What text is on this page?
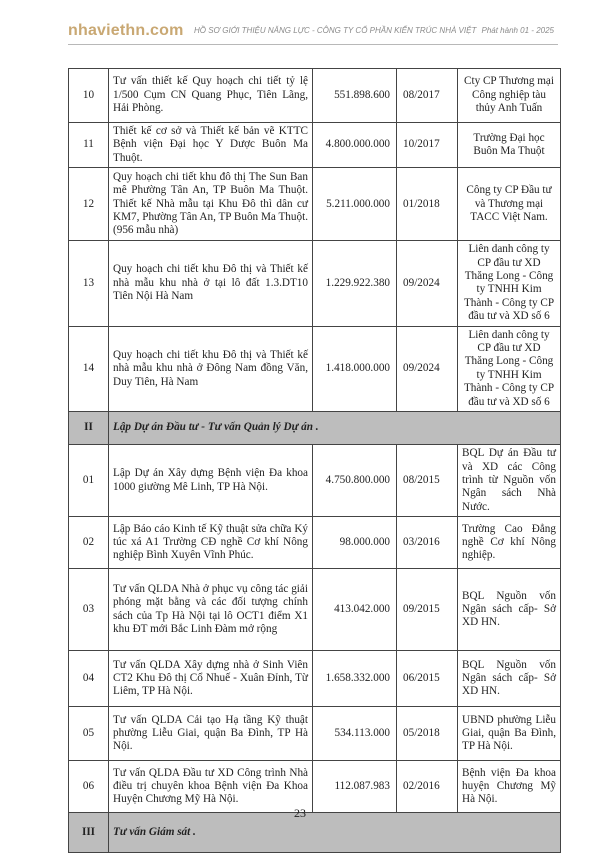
nhaviethn.com HỒ SƠ GIỚI THIỆU NĂNG LỰC - CÔNG TY CỔ PHẦN KIẾN TRÚC NHÀ VIỆT Phát hành 01 - 2025
10	Tư vấn thiết kế Quy hoạch chi tiết tỷ lệ 1/500 Cụm CN Quang Phục, Tiên Lãng, Hải Phòng.	551.898.600	08/2017	Cty CP Thương mại Công nghiệp tàu thủy Anh Tuấn
11	Thiết kế cơ sở và Thiết kế bản vẽ KTTC Bệnh viện Đại học Y Dược Buôn Ma Thuột.	4.800.000.000	10/2017	Trường Đại học Buôn Ma Thuột
12	Quy hoạch chi tiết khu đô thị The Sun Ban mê Phường Tân An, TP Buôn Ma Thuột. Thiết kế Nhà mẫu tại Khu Đô thì dân cư KM7, Phường Tân An, TP Buôn Ma Thuột. (956 mẫu nhà)	5.211.000.000	01/2018	Công ty CP Đầu tư và Thương mại TACC Việt Nam.
13	Quy hoạch chi tiết khu Đô thị và Thiết kế nhà mẫu khu nhà ở tại lô đất 1.3.DT10 Tiên Nội Hà Nam	1.229.922.380	09/2024	Liên danh công ty CP đầu tư XD Thăng Long - Công ty TNHH Kim Thành - Công ty CP đầu tư và XD số 6
14	Quy hoạch chi tiết khu Đô thị và Thiết kế nhà mẫu khu nhà ở Đông Nam đồng Văn, Duy Tiên, Hà Nam	1.418.000.000	09/2024	Liên danh công ty CP đầu tư XD Thăng Long - Công ty TNHH Kim Thành - Công ty CP đầu tư và XD số 6
II	Lập Dự án Đầu tư - Tư vấn Quản lý Dự án .			
01	Lập Dự án Xây dựng Bệnh viện Đa khoa 1000 giường Mê Linh, TP Hà Nội.	4.750.800.000	08/2015	BQL Dự án Đầu tư và XD các Công trình từ Nguồn vốn Ngân sách Nhà Nước.
02	Lập Báo cáo Kinh tế Kỹ thuật sửa chữa Ký túc xá A1 Trường CĐ nghề Cơ khí Nông nghiệp Bình Xuyên Vĩnh Phúc.	98.000.000	03/2016	Trường Cao Đẳng nghề Cơ khí Nông nghiệp.
03	Tư vấn QLDA Nhà ở phục vụ công tác giải phóng mặt bằng và các đối tượng chính sách của Tp Hà Nội tại lô OCT1 điểm X1 khu ĐT mới Bắc Linh Đàm mở rộng	413.042.000	09/2015	BQL Nguồn vốn Ngân sách cấp- Sở XD HN.
04	Tư vấn QLDA Xây dựng nhà ở Sinh Viên CT2 Khu Đô thị Cổ Nhuế - Xuân Đỉnh, Từ Liêm, TP Hà Nội.	1.658.332.000	06/2015	BQL Nguồn vốn Ngân sách cấp- Sở XD HN.
05	Tư vấn QLDA Cải tạo Hạ tầng Kỹ thuật phường Liễu Giai, quận Ba Đình, TP Hà Nội.	534.113.000	05/2018	UBND phường Liễu Giai, quận Ba Đình, TP Hà Nội.
06	Tư vấn QLDA Đầu tư XD Công trình Nhà điều trị chuyên khoa Bệnh viện Đa Khoa Huyện Chương Mỹ Hà Nội.	112.087.983	02/2016	Bệnh viện Đa khoa huyện Chương Mỹ Hà Nội.
III	Tư vấn Giám sát .			
23
